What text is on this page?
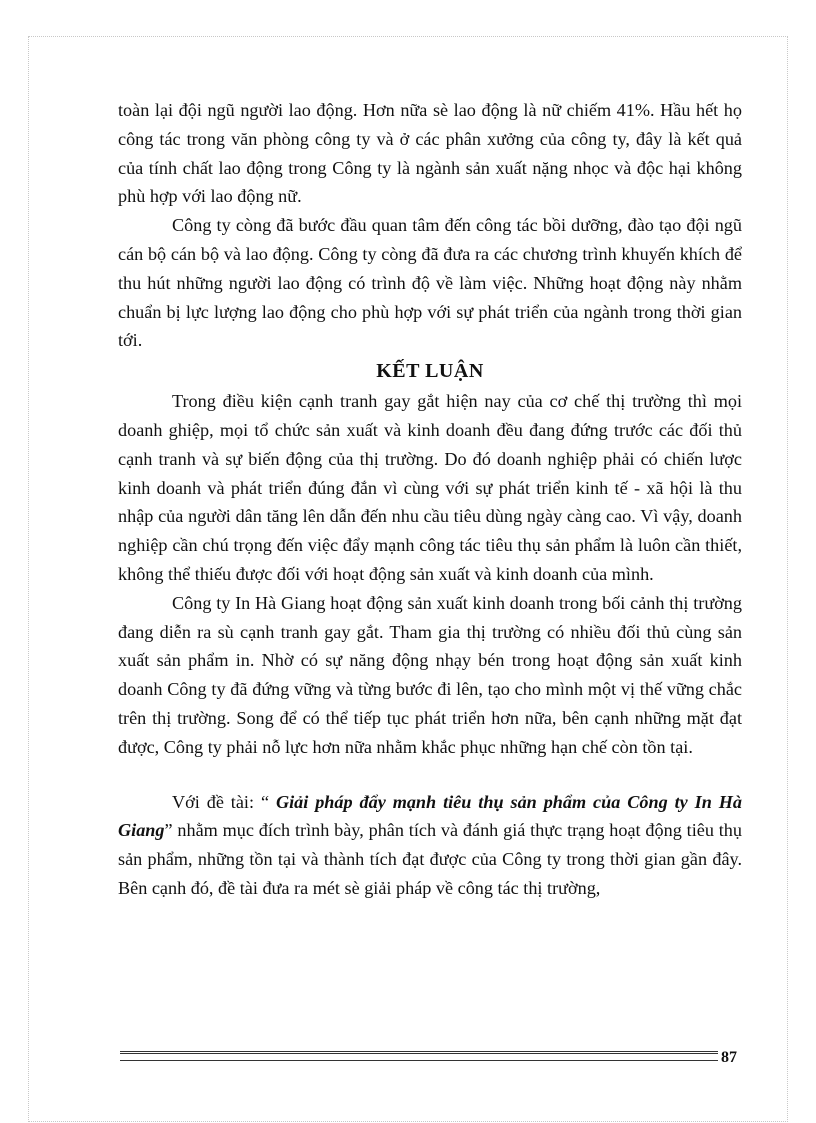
toàn lại đội ngũ người lao động. Hơn nữa sè lao động là nữ chiếm 41%. Hầu hết họ công tác trong văn phòng công ty và ở các phân xưởng của công ty, đây là kết quả của tính chất lao động trong Công ty là ngành sản xuất nặng nhọc và độc hại không phù hợp với lao động nữ.

Công ty còng đã bước đầu quan tâm đến công tác bồi dưỡng, đào tạo đội ngũ cán bộ cán bộ và lao động. Công ty còng đã đưa ra các chương trình khuyến khích để thu hút những người lao động có trình độ về làm việc. Những hoạt động này nhằm chuẩn bị lực lượng lao động cho phù hợp với sự phát triển của ngành trong thời gian tới.

KẾT LUẬN

Trong điều kiện cạnh tranh gay gắt hiện nay của cơ chế thị trường thì mọi doanh ghiệp, mọi tổ chức sản xuất và kinh doanh đều đang đứng trước các đối thủ cạnh tranh và sự biến động của thị trường. Do đó doanh nghiệp phải có chiến lược kinh doanh và phát triển đúng đắn vì cùng với sự phát triển kinh tế - xã hội là thu nhập của người dân tăng lên dẫn đến nhu cầu tiêu dùng ngày càng cao. Vì vậy, doanh nghiệp cần chú trọng đến việc đẩy mạnh công tác tiêu thụ sản phẩm là luôn cần thiết, không thể thiếu được đối với hoạt động sản xuất và kinh doanh của mình.

Công ty In Hà Giang hoạt động sản xuất kinh doanh trong bối cảnh thị trường đang diễn ra sù cạnh tranh gay gắt. Tham gia thị trường có nhiều đối thủ cùng sản xuất sản phẩm in. Nhờ có sự năng động nhạy bén trong hoạt động sản xuất kinh doanh Công ty đã đứng vững và từng bước đi lên, tạo cho mình một vị thế vững chắc trên thị trường. Song để có thể tiếp tục phát triển hơn nữa, bên cạnh những mặt đạt được, Công ty phải nỗ lực hơn nữa nhằm khắc phục những hạn chế còn tồn tại.

Với đề tài: “ Giải pháp đẩy mạnh tiêu thụ sản phẩm của Công ty In Hà Giang” nhằm mục đích trình bày, phân tích và đánh giá thực trạng hoạt động tiêu thụ sản phẩm, những tồn tại và thành tích đạt được của Công ty trong thời gian gần đây. Bên cạnh đó, đề tài đưa ra mét sè giải pháp về công tác thị trường,

87
